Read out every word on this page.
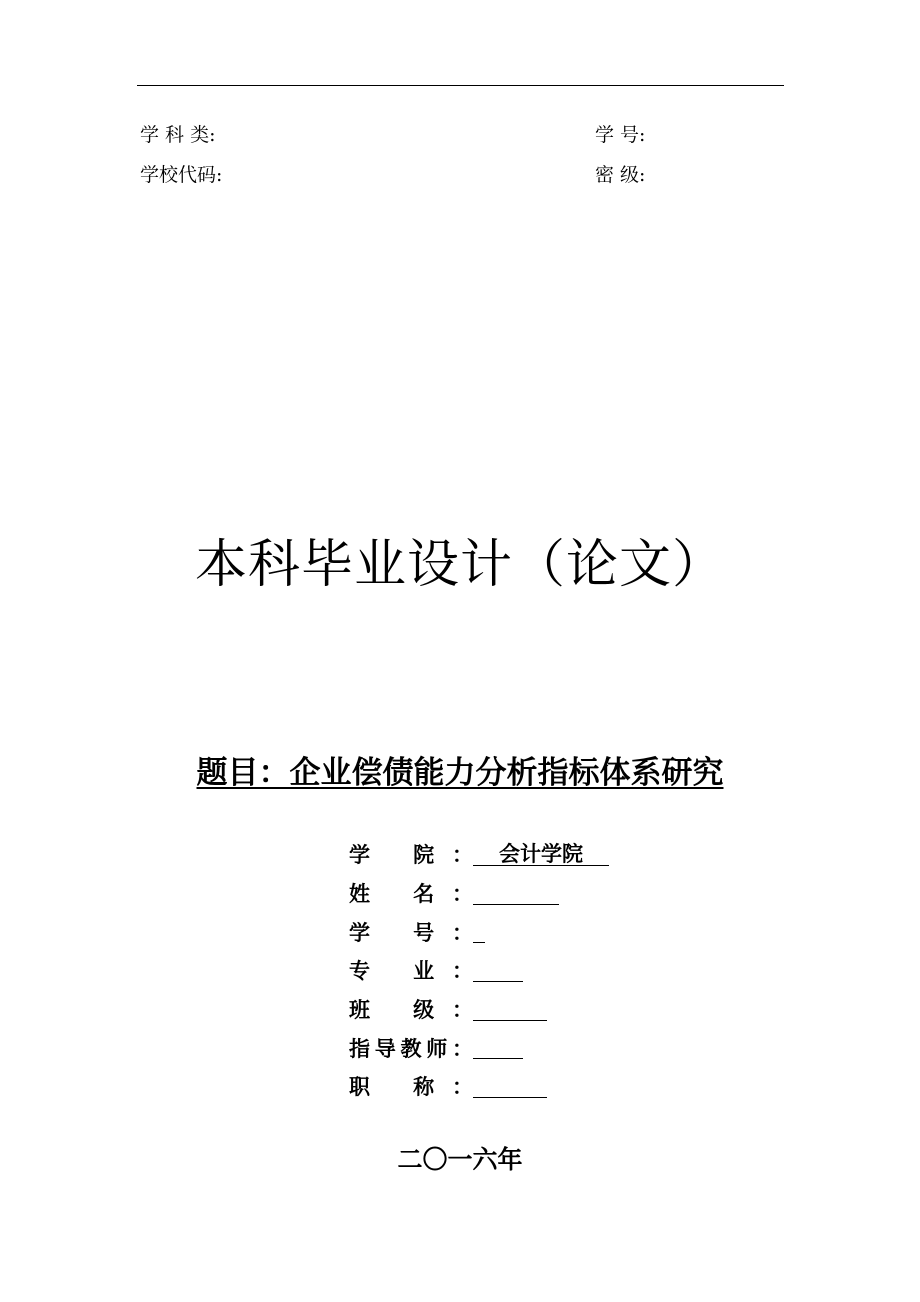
学 科 类:	学 号:
学校代码:	密 级:
本科毕业设计（论文）
题目：企业偿债能力分析指标体系研究
学 院：	会计学院
姓 名：
学 号：
专 业：
班 级：
指导教师：
职 称：
二〇一六年
